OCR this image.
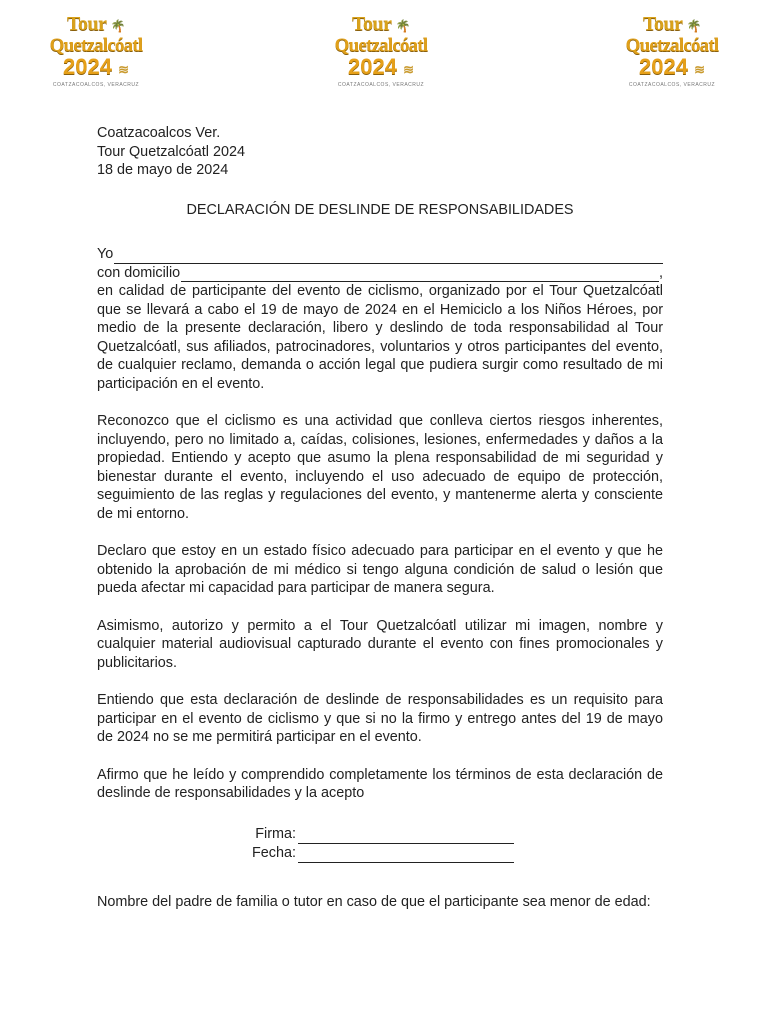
Tour 🌴
Quetzalcóatl
2024 ≋
COATZACOALCOS, VERACRUZ
Tour 🌴
Quetzalcóatl
2024 ≋
COATZACOALCOS, VERACRUZ
Tour 🌴
Quetzalcóatl
2024 ≋
COATZACOALCOS, VERACRUZ
Coatzacoalcos Ver.
Tour Quetzalcóatl 2024
18 de mayo de 2024
DECLARACIÓN DE DESLINDE DE RESPONSABILIDADES
Yo
con domicilio	,

en calidad de participante del evento de ciclismo, organizado por el Tour Quetzalcóatl que se llevará a cabo el 19 de mayo de 2024 en el Hemiciclo a los Niños Héroes, por medio de la presente declaración, libero y deslindo de toda responsabilidad al Tour Quetzalcóatl, sus afiliados, patrocinadores, voluntarios y otros participantes del evento, de cualquier reclamo, demanda o acción legal que pudiera surgir como resultado de mi participación en el evento.

Reconozco que el ciclismo es una actividad que conlleva ciertos riesgos inherentes, incluyendo, pero no limitado a, caídas, colisiones, lesiones, enfermedades y daños a la propiedad. Entiendo y acepto que asumo la plena responsabilidad de mi seguridad y bienestar durante el evento, incluyendo el uso adecuado de equipo de protección, seguimiento de las reglas y regulaciones del evento, y mantenerme alerta y consciente de mi entorno.

Declaro que estoy en un estado físico adecuado para participar en el evento y que he obtenido la aprobación de mi médico si tengo alguna condición de salud o lesión que pueda afectar mi capacidad para participar de manera segura.

Asimismo, autorizo y permito a el Tour Quetzalcóatl utilizar mi imagen, nombre y cualquier material audiovisual capturado durante el evento con fines promocionales y publicitarios.

Entiendo que esta declaración de deslinde de responsabilidades es un requisito para participar en el evento de ciclismo y que si no la firmo y entrego antes del 19 de mayo de 2024 no se me permitirá participar en el evento.

Afirmo que he leído y comprendido completamente los términos de esta declaración de deslinde de responsabilidades y la acepto

Firma:
Fecha:

Nombre del padre de familia o tutor en caso de que el participante sea menor de edad:
